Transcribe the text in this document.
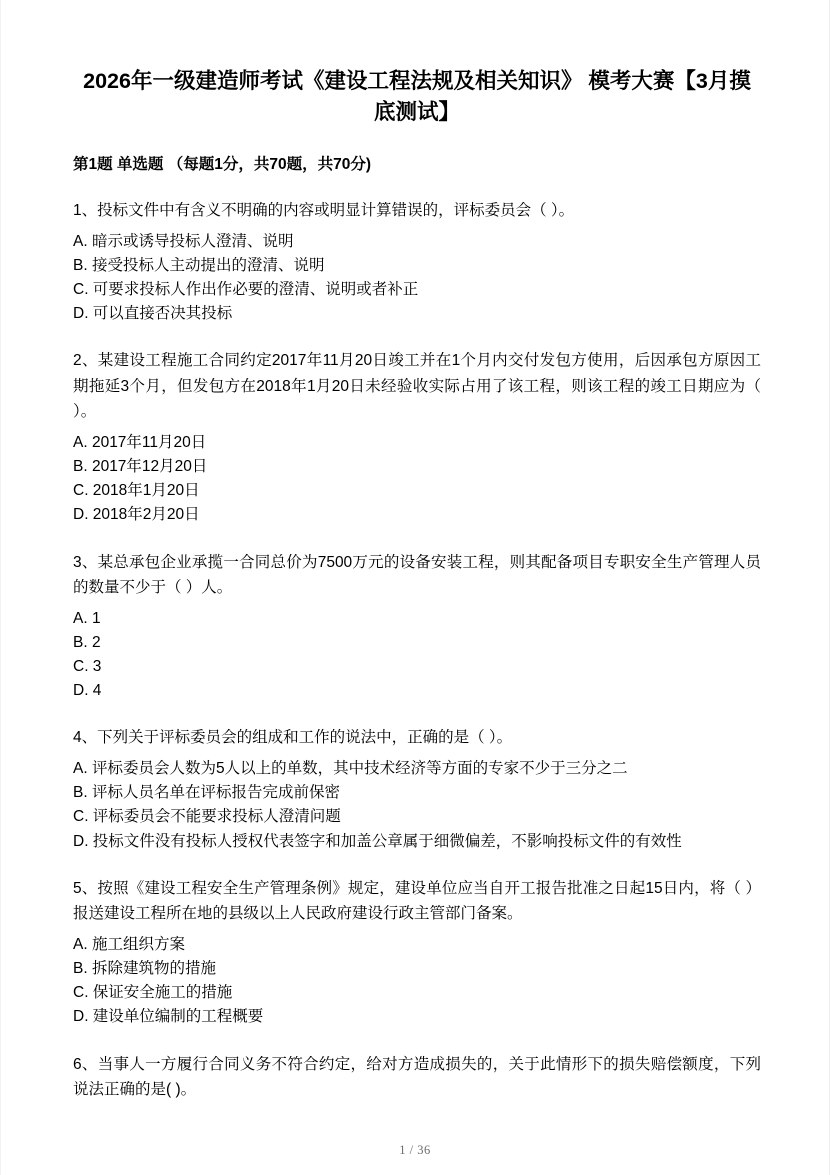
2026年一级建造师考试《建设工程法规及相关知识》 模考大赛【3月摸底测试】
第1题 单选题 （每题1分，共70题，共70分)

1、投标文件中有含义不明确的内容或明显计算错误的，评标委员会（ ）。

A. 暗示或诱导投标人澄清、说明
B. 接受投标人主动提出的澄清、说明
C. 可要求投标人作出作必要的澄清、说明或者补正
D. 可以直接否决其投标

2、某建设工程施工合同约定2017年11月20日竣工并在1个月内交付发包方使用，后因承包方原因工期拖延3个月，但发包方在2018年1月20日未经验收实际占用了该工程，则该工程的竣工日期应为（ ）。

A. 2017年11月20日
B. 2017年12月20日
C. 2018年1月20日
D. 2018年2月20日

3、某总承包企业承揽一合同总价为7500万元的设备安装工程，则其配备项目专职安全生产管理人员的数量不少于（ ）人。

A. 1
B. 2
C. 3
D. 4

4、下列关于评标委员会的组成和工作的说法中，正确的是（ ）。

A. 评标委员会人数为5人以上的单数，其中技术经济等方面的专家不少于三分之二
B. 评标人员名单在评标报告完成前保密
C. 评标委员会不能要求投标人澄清问题
D. 投标文件没有投标人授权代表签字和加盖公章属于细微偏差，不影响投标文件的有效性

5、按照《建设工程安全生产管理条例》规定，建设单位应当自开工报告批准之日起15日内，将（ ）报送建设工程所在地的县级以上人民政府建设行政主管部门备案。

A. 施工组织方案
B. 拆除建筑物的措施
C. 保证安全施工的措施
D. 建设单位编制的工程概要

6、当事人一方履行合同义务不符合约定，给对方造成损失的，关于此情形下的损失赔偿额度，下列说法正确的是( )。

1 / 36
